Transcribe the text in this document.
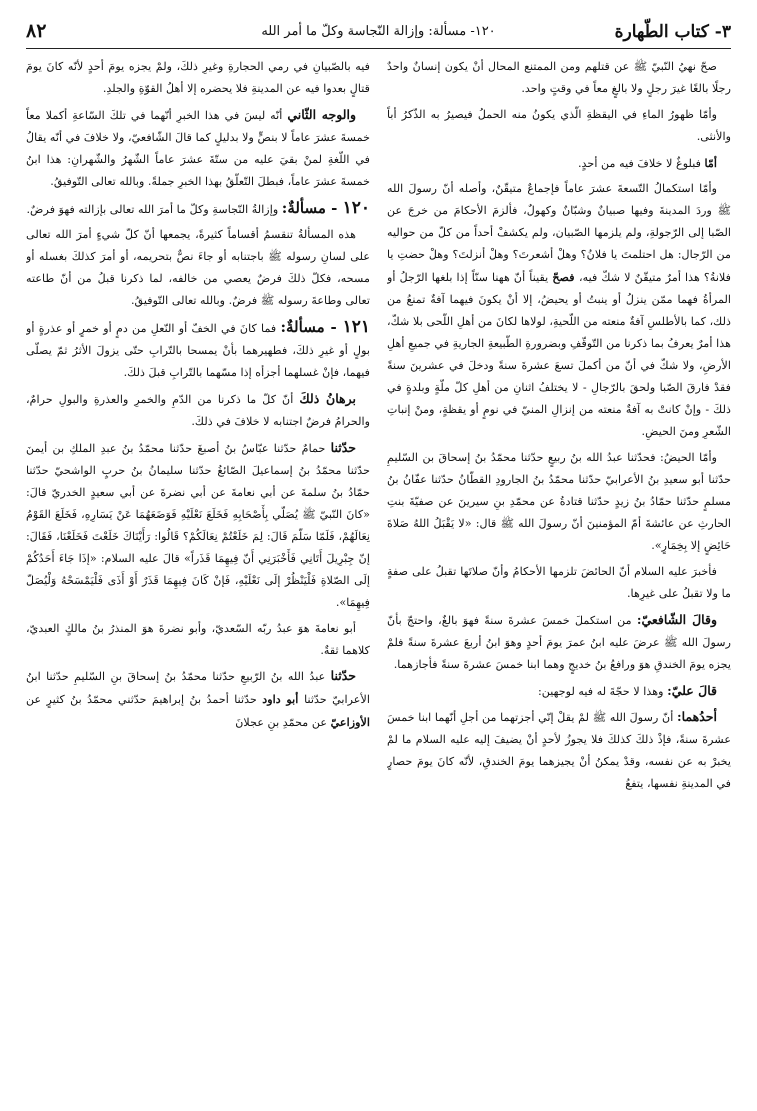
٣- كتاب الطّهارة
١٢٠- مسألة: وإزالة النّجاسة وكلّ ما أمر الله
٨٢

صحّ نهيُ النّبيّ ﷺ عن قتلهم ومن الممتنع المحال أنْ يكون إنسانٌ واحدٌ رجلًا بالغًا غيرَ رجلٍ ولا بالغٍ معاً في وقتٍ واحد.

وأمّا ظهورُ الماءِ في اليقظةِ الّذي يكونُ منه الحملُ فيصيرُ به الذّكرُ أباً والأنثى.

أمّا فبلوغٌ لا خلافَ فيه من أحدٍ.

وأمّا استكمالُ التّسعةَ عشرَ عاماً فإجماعٌ متيقّنٌ، وأصله أنّ رسولَ الله ﷺ وردَ المدينةَ وفيها صبيانٌ وشبّانٌ وكهولٌ، فألزمَ الأحكامَ من خرجَ عن الصّبا إلى الرّجولةِ، ولم يلزمها الصّبيان، ولم يكشفْ أحداً من كلّ من حواليه من الرّجال: هل احتلمتَ يا فلانُ؟ وهلْ أشعرتَ؟ وهلْ أنزلتَ؟ وهلْ حضتِ يا فلانةُ؟ هذا أمرٌ متيقّنٌ لا شكّ فيه، فصحّ يقيناً أنّ ههنا سنّاً إذا بلغها الرّجلُ أو المرأةُ فهما ممّن ينزلُ أو ينبتُ أو يحيضُ، إلا أنْ يكونَ فيهما آفةٌ تمنعُ من ذلك، كما بالأطلسِ آفةٌ منعته من اللّحيةِ، لولاها لكانَ من أهلِ اللّحى بلا شكّ، هذا أمرٌ يعرفُ بما ذكرنا من التّوقّفِ وبضرورةِ الطّبيعةِ الجاريةِ في جميعِ أهلِ الأرضِ، ولا شكّ في أنّ من أكملَ تسعَ عشرةَ سنةً ودخلَ في عشرينَ سنةً فقدْ فارقَ الصّبا ولحقَ بالرّجالِ - لا يختلفُ اثنانِ من أهلِ كلّ ملّةٍ وبلدةٍ في ذلكَ - وإنْ كانتْ به آفةٌ منعته من إنزالِ المنيّ في نومٍ أو يقظةٍ، ومنْ إنباتِ الشّعرِ ومنَ الحيضِ.

وأمّا الحيضُ: فحدّثنا عبدُ الله بنُ ربيعٍ حدّثنا محمّدُ بنُ إسحاقَ بن السّليمِ حدّثنا أبو سعيدِ بنُ الأعرابيّ حدّثنا محمّدُ بنُ الجارودِ القطّانُ حدّثنا عفّانُ بنُ مسلمٍ حدّثنا حمّادُ بنُ زيدٍ حدّثنا قتادةُ عن محمّدِ بنِ سيرينَ عن صفيّةَ بنتِ الحارثِ عن عائشةَ أمّ المؤمنينَ أنّ رسولَ الله ﷺ قال: «لا يَقْبَلُ اللهُ صَلاةَ حَائِضٍ إلا بِخِمَارٍ».

فأخبرَ عليه السلام أنّ الحائضَ تلزمها الأحكامُ وأنّ صلاتَها تقبلُ على صفةٍ ما ولا تقبلُ على غيرِها.

وقالَ الشّافعيّ: من استكملَ خمسَ عشرةَ سنةً فهوَ بالغٌ، واحتجّ بأنّ رسولَ الله ﷺ عرضَ عليه ابنُ عمرَ يومَ أحدٍ وهوَ ابنُ أربعَ عشرةَ سنةً فلمْ يجزه يومَ الخندقِ هوَ ورافعُ بنُ خديجٍ وهما ابنا خمسَ عشرةَ سنةً فأجازهما.

قالَ عليّ: وهذا لا حجّةَ له فيه لوجهين:

أحدُهما: أنّ رسولَ الله ﷺ لمْ يقلْ إنّي أجزتهما من أجلِ أنّهما ابنا خمسَ عشرةَ سنةً، فإذْ ذلكَ كذلكَ فلا يجوزُ لأحدٍ أنْ يضيفَ إليه عليه السلام ما لمْ يخبرْ به عن نفسه، وقدْ يمكنُ أنْ يجيزهما يومَ الخندقِ، لأنّه كانَ يومَ حصارٍ في المدينةِ نفسها، يتفعُ

فيه بالصّبيانِ في رمي الحجارةِ وغيرِ ذلكَ، ولمْ يجزه يومَ أحدٍ لأنّه كانَ يومَ قتالٍ بعدوا فيه عن المدينةِ فلا يحضره إلا أهلُ القوّةِ والجلدِ.

والوجه الثّاني أنّه ليسَ في هذا الخبرِ أنّهما في تلكَ السّاعةِ أكملا معاً خمسةَ عشرَ عاماً لا بنصٍّ ولا بدليلٍ كما قالَ الشّافعيّ، ولا خلافَ في أنّه يقالُ في اللّغةِ لمنْ بقيَ عليه من ستّةَ عشرَ عاماً الشّهرُ والشّهرانِ: هذا ابنُ خمسةَ عشرَ عاماً، فبطلَ التّعلّقُ بهذا الخبرِ جملةً. وبالله تعالى التّوفيقُ.

١٢٠ - مسألةٌ: وإزالةُ النّجاسةِ وكلّ ما أمرَ الله تعالى بإزالته فهوَ فرضٌ.

هذه المسألةُ تنقسمُ أقساماً كثيرةً، يجمعها أنّ كلّ شيءٍ أمرَ الله تعالى على لسانِ رسوله ﷺ باجتنابه أو جاءَ نصٌّ بتحريمه، أو أمرَ كذلكَ بغسله أو مسحه، فكلّ ذلكَ فرضٌ يعصي من خالفه، لما ذكرنا قبلُ من أنّ طاعته تعالى وطاعةَ رسوله ﷺ فرضٌ. وبالله تعالى التّوفيقُ.

١٢١ - مسألةٌ: فما كانَ في الخفّ أو النّعلِ من دمٍ أو خمرٍ أو عذرةٍ أو بولٍ أو غيرِ ذلكَ، فطهيرهما بأنْ يمسحا بالتّرابِ حتّى يزولَ الأثرُ ثمّ يصلّى فيهما، فإنْ غسلهما أجزأه إذا مسّهما بالتّرابِ قبلَ ذلكَ.

برهانُ ذلكَ أنّ كلّ ما ذكرنا من الدّمِ والخمرِ والعذرةِ والبولِ حرامٌ، والحرامُ فرضٌ اجتنابه لا خلافَ في ذلكَ.

حدّثنا حمامٌ حدّثنا عبّاسُ بنُ أصبغَ حدّثنا محمّدُ بنُ عبدِ الملكِ بن أيمنَ حدّثنا محمّدُ بنُ إسماعيلَ الصّائغُ حدّثنا سليمانُ بنُ حربٍ الواشحيّ حدّثنا حمّادُ بنُ سلمةَ عن أبي نعامةَ عن أبي نضرةَ عن أبي سعيدٍ الخدريّ قالَ: «كانَ النّبيّ ﷺ يُصَلّي بِأَصْحَابِهِ فَخَلَعَ نَعْلَيْهِ فَوَضَعَهُمَا عَنْ يَسَارِهِ، فَخَلَعَ القَوْمُ نِعَالَهُمْ، فَلَمّا سَلّمَ قَالَ: لِمَ خَلَعْتُمْ نِعَالَكُمْ؟ قَالُوا: رَأَيْنَاكَ خَلَعْتَ فَخَلَعْنَا، فَقَالَ: إنّ جِبْرِيلَ أَتَانِي فَأَخْبَرَنِي أَنّ فِيهِمَا قَذَراً» قالَ عليه السلام: «إذَا جَاءَ أَحَدُكُمْ إلَى الصّلاةِ فَلْيَنْظُرْ إلَى نَعْلَيْهِ، فَإنْ كَانَ فِيهِمَا قَذَرٌ أَوْ أَذَى فَلْيَمْسَحْهُ وَلْيُصَلّ فِيهِمَا».

أبو نعامةَ هوَ عبدُ ربّه السّعديّ، وأبو نضرةَ هوَ المنذرُ بنُ مالكٍ العبديّ، كلاهما ثقةٌ.

حدّثنا عبدُ الله بنُ الرّبيعِ حدّثنا محمّدُ بنُ إسحاقَ بنِ السّليمِ حدّثنا ابنُ الأعرابيّ حدّثنا أبو داود حدّثنا أحمدُ بنُ إبراهيمَ حدّثني محمّدُ بنُ كثيرٍ عن الأوزاعيّ عن محمّدِ بنِ عجلانَ
